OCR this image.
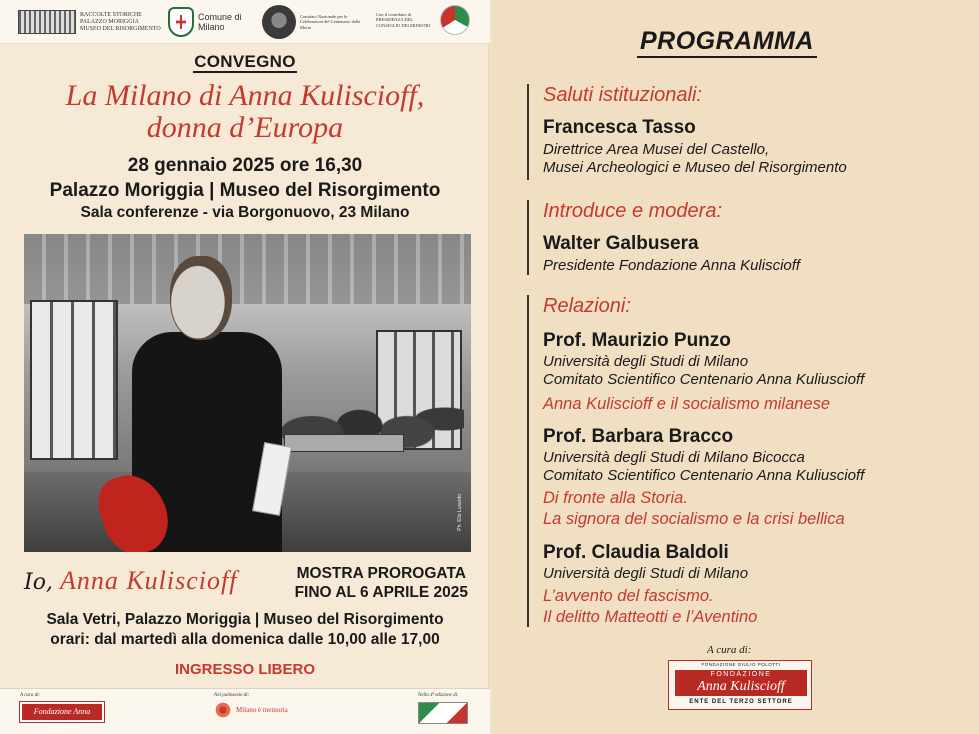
RACCOLTE STORICHE
PALAZZO MORIGGIA
MUSEO DEL RISORGIMENTO
Comune di
Milano
Comitato Nazionale per le Celebrazioni del Centenario della Morte
Con il contributo di PRESIDENZA DEL CONSIGLIO DEI MINISTRI
CONVEGNO
La Milano di Anna Kuliscioff,
donna d’Europa
28 gennaio 2025 ore 16,30
Palazzo Moriggia | Museo del Risorgimento
Sala conferenze - via Borgonuovo, 23 Milano
Ph. Elio Luxardo
Io, Anna Kuliscioff	MOSTRA PROROGATA
FINO AL 6 APRILE 2025
Sala Vetri, Palazzo Moriggia | Museo del Risorgimento
orari: dal martedì alla domenica dalle 10,00 alle 17,00
INGRESSO LIBERO
A cura di:
Fondazione Anna Kuliscioff
Nel palinsesto di:
Milano è memoria
Nella 4ª edizione di:
PROGRAMMA
Saluti istituzionali:
Francesca Tasso
Direttrice Area Musei del Castello,
Musei Archeologici e Museo del Risorgimento
Introduce e modera:
Walter Galbusera
Presidente Fondazione Anna Kuliscioff
Relazioni:
Prof. Maurizio Punzo
Università degli Studi di Milano
Comitato Scientifico Centenario Anna Kuliuscioff
Anna Kuliscioff e il socialismo milanese
Prof. Barbara Bracco
Università degli Studi di Milano Bicocca
Comitato Scientifico Centenario Anna Kuliuscioff
Di fronte alla Storia.
La signora del socialismo e la crisi bellica
Prof. Claudia Baldoli
Università degli Studi di Milano
L’avvento del fascismo.
Il delitto Matteotti e l’Aventino
A cura di:
FONDAZIONE GIULIO POLOTTI
FONDAZIONE
Anna Kuliscioff
ENTE DEL TERZO SETTORE
